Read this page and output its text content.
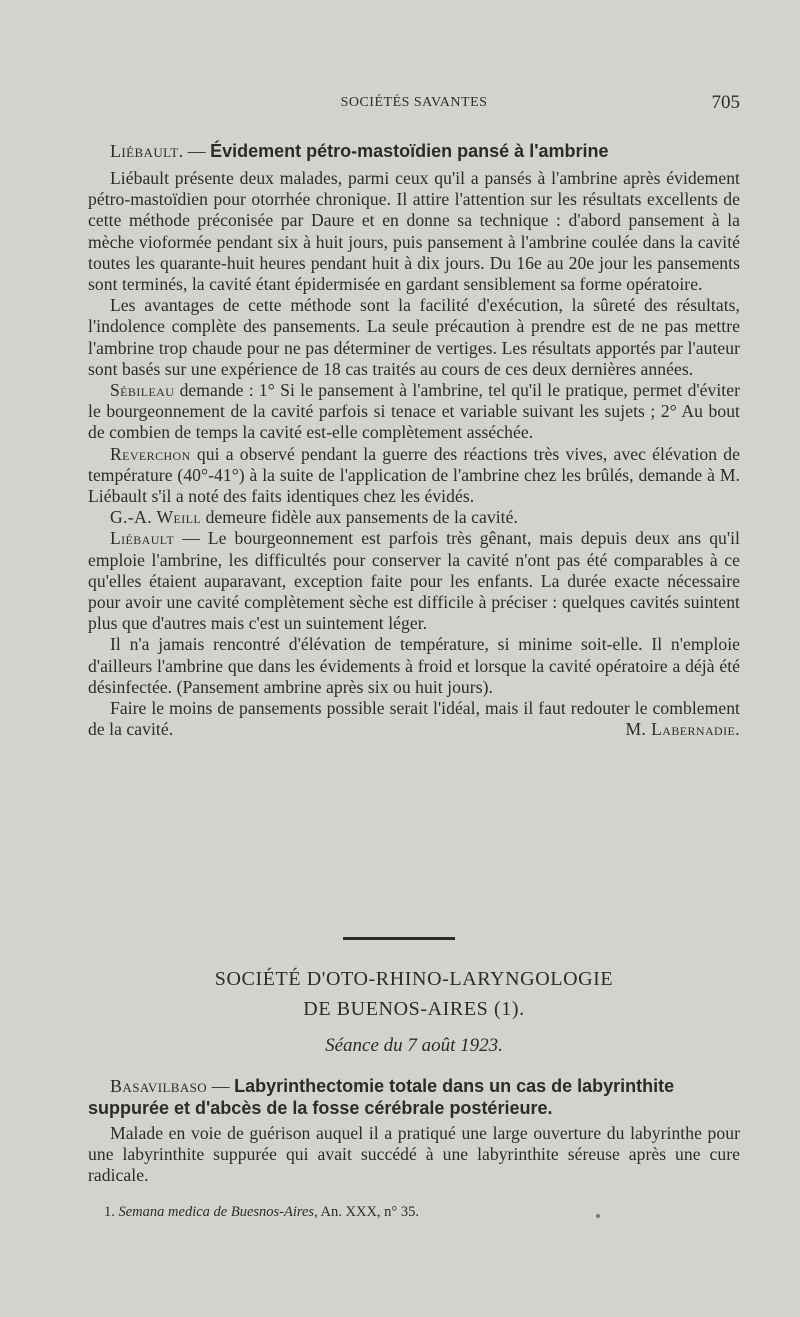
SOCIÉTÉS SAVANTES	705

Liébault. — Évidement pétro-mastoïdien pansé à l'ambrine

Liébault présente deux malades, parmi ceux qu'il a pansés à l'ambrine après évidement pétro-mastoïdien pour otorrhée chronique. Il attire l'attention sur les résultats excellents de cette méthode préconisée par Daure et en donne sa technique : d'abord pansement à la mèche vioformée pendant six à huit jours, puis pansement à l'ambrine coulée dans la cavité toutes les quarante-huit heures pendant huit à dix jours. Du 16e au 20e jour les pansements sont terminés, la cavité étant épidermisée en gardant sensiblement sa forme opératoire.

Les avantages de cette méthode sont la facilité d'exécution, la sûreté des résultats, l'indolence complète des pansements. La seule précaution à prendre est de ne pas mettre l'ambrine trop chaude pour ne pas déterminer de vertiges. Les résultats apportés par l'auteur sont basés sur une expérience de 18 cas traités au cours de ces deux dernières années.

Sébileau demande : 1° Si le pansement à l'ambrine, tel qu'il le pratique, permet d'éviter le bourgeonnement de la cavité parfois si tenace et variable suivant les sujets ; 2° Au bout de combien de temps la cavité est-elle complètement asséchée.

Reverchon qui a observé pendant la guerre des réactions très vives, avec élévation de température (40°-41°) à la suite de l'application de l'ambrine chez les brûlés, demande à M. Liébault s'il a noté des faits identiques chez les évidés.

G.-A. Weill demeure fidèle aux pansements de la cavité.

Liébault — Le bourgeonnement est parfois très gênant, mais depuis deux ans qu'il emploie l'ambrine, les difficultés pour conserver la cavité n'ont pas été comparables à ce qu'elles étaient auparavant, exception faite pour les enfants. La durée exacte nécessaire pour avoir une cavité complètement sèche est difficile à préciser : quelques cavités suintent plus que d'autres mais c'est un suintement léger.

Il n'a jamais rencontré d'élévation de température, si minime soit-elle. Il n'emploie d'ailleurs l'ambrine que dans les évidements à froid et lorsque la cavité opératoire a déjà été désinfectée. (Pansement ambrine après six ou huit jours).

Faire le moins de pansements possible serait l'idéal, mais il faut redouter le comblement de la cavité.	M. Labernadie.

SOCIÉTÉ D'OTO-RHINO-LARYNGOLOGIE

DE BUENOS-AIRES (1).

Séance du 7 août 1923.

Basavilbaso — Labyrinthectomie totale dans un cas de labyrinthite suppurée et d'abcès de la fosse cérébrale postérieure.

Malade en voie de guérison auquel il a pratiqué une large ouverture du labyrinthe pour une labyrinthite suppurée qui avait succédé à une labyrinthite séreuse après une cure radicale.

1. Semana medica de Buesnos-Aires, An. XXX, n° 35.
